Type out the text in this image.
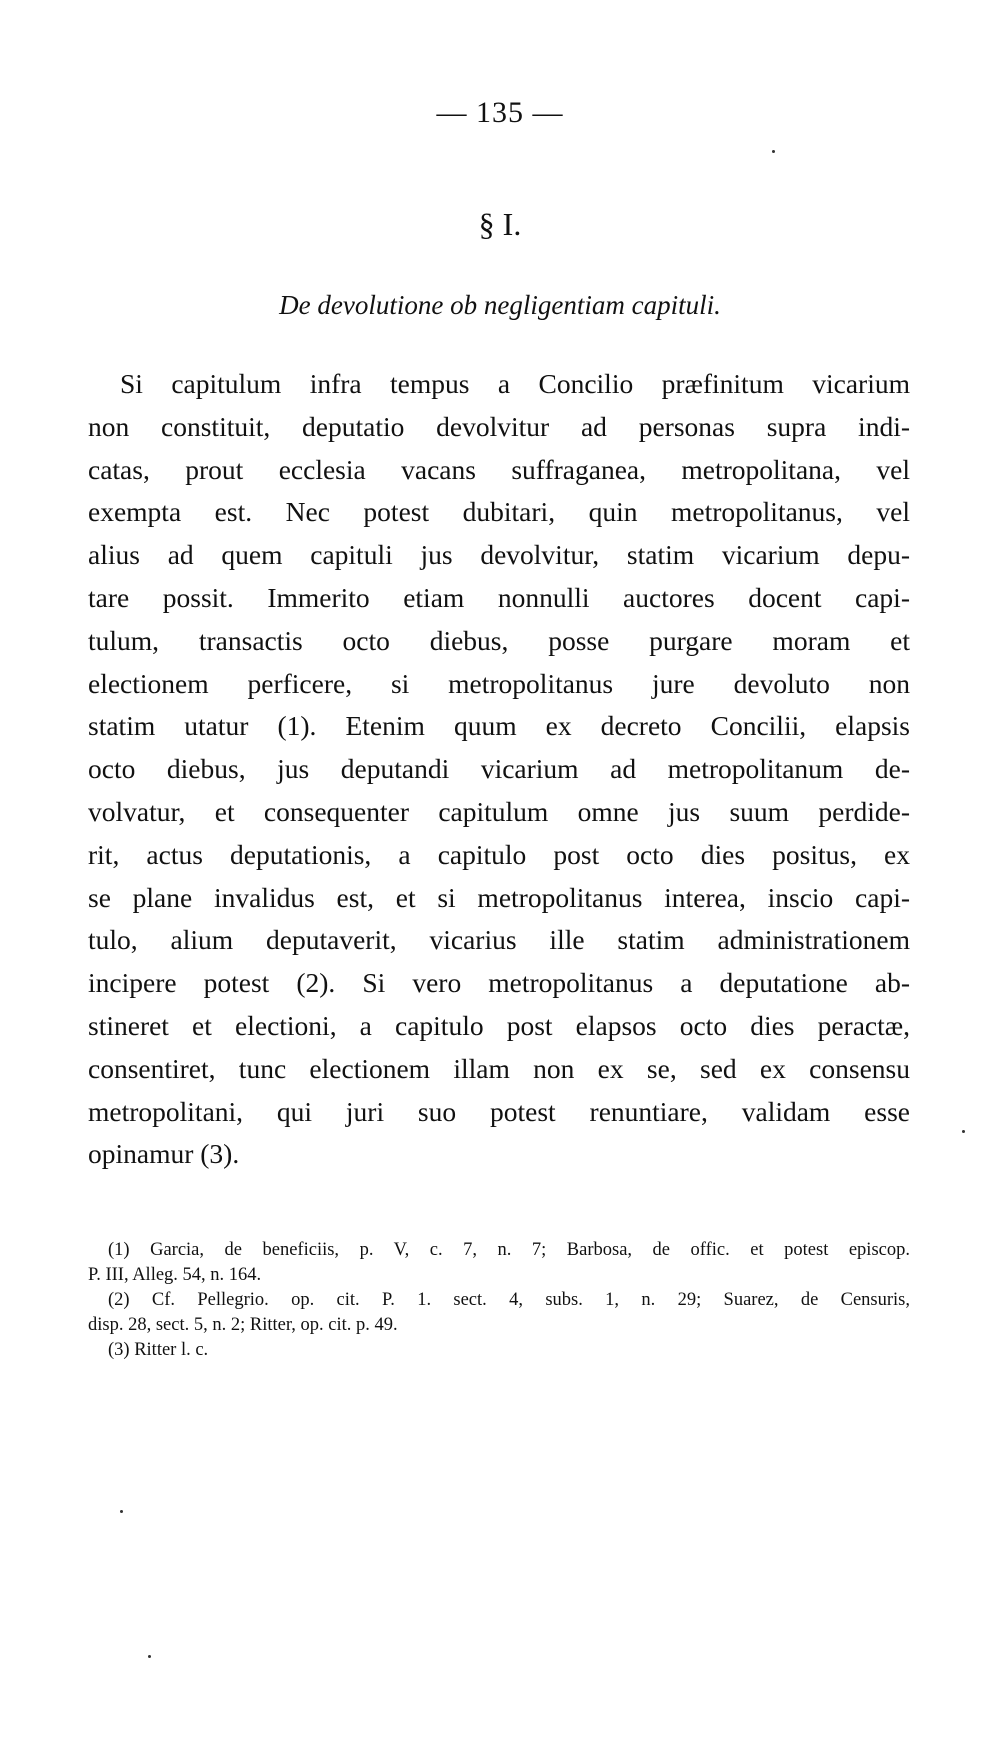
— 135 —
§ I.
De devolutione ob negligentiam capituli.
Si capitulum infra tempus a Concilio præfinitum vicarium
non constituit, deputatio devolvitur ad personas supra indi-
catas, prout ecclesia vacans suffraganea, metropolitana, vel
exempta est. Nec potest dubitari, quin metropolitanus, vel
alius ad quem capituli jus devolvitur, statim vicarium depu-
tare possit. Immerito etiam nonnulli auctores docent capi-
tulum, transactis octo diebus, posse purgare moram et
electionem perficere, si metropolitanus jure devoluto non
statim utatur (1). Etenim quum ex decreto Concilii, elapsis
octo diebus, jus deputandi vicarium ad metropolitanum de-
volvatur, et consequenter capitulum omne jus suum perdide-
rit, actus deputationis, a capitulo post octo dies positus, ex
se plane invalidus est, et si metropolitanus interea, inscio capi-
tulo, alium deputaverit, vicarius ille statim administrationem
incipere potest (2). Si vero metropolitanus a deputatione ab-
stineret et electioni, a capitulo post elapsos octo dies peractæ,
consentiret, tunc electionem illam non ex se, sed ex consensu
metropolitani, qui juri suo potest renuntiare, validam esse
opinamur (3).
(1) Garcia, de beneficiis, p. V, c. 7, n. 7; Barbosa, de offic. et potest episcop.
P. III, Alleg. 54, n. 164.
(2) Cf. Pellegrio. op. cit. P. 1. sect. 4, subs. 1, n. 29; Suarez, de Censuris,
disp. 28, sect. 5, n. 2; Ritter, op. cit. p. 49.
(3) Ritter l. c.
